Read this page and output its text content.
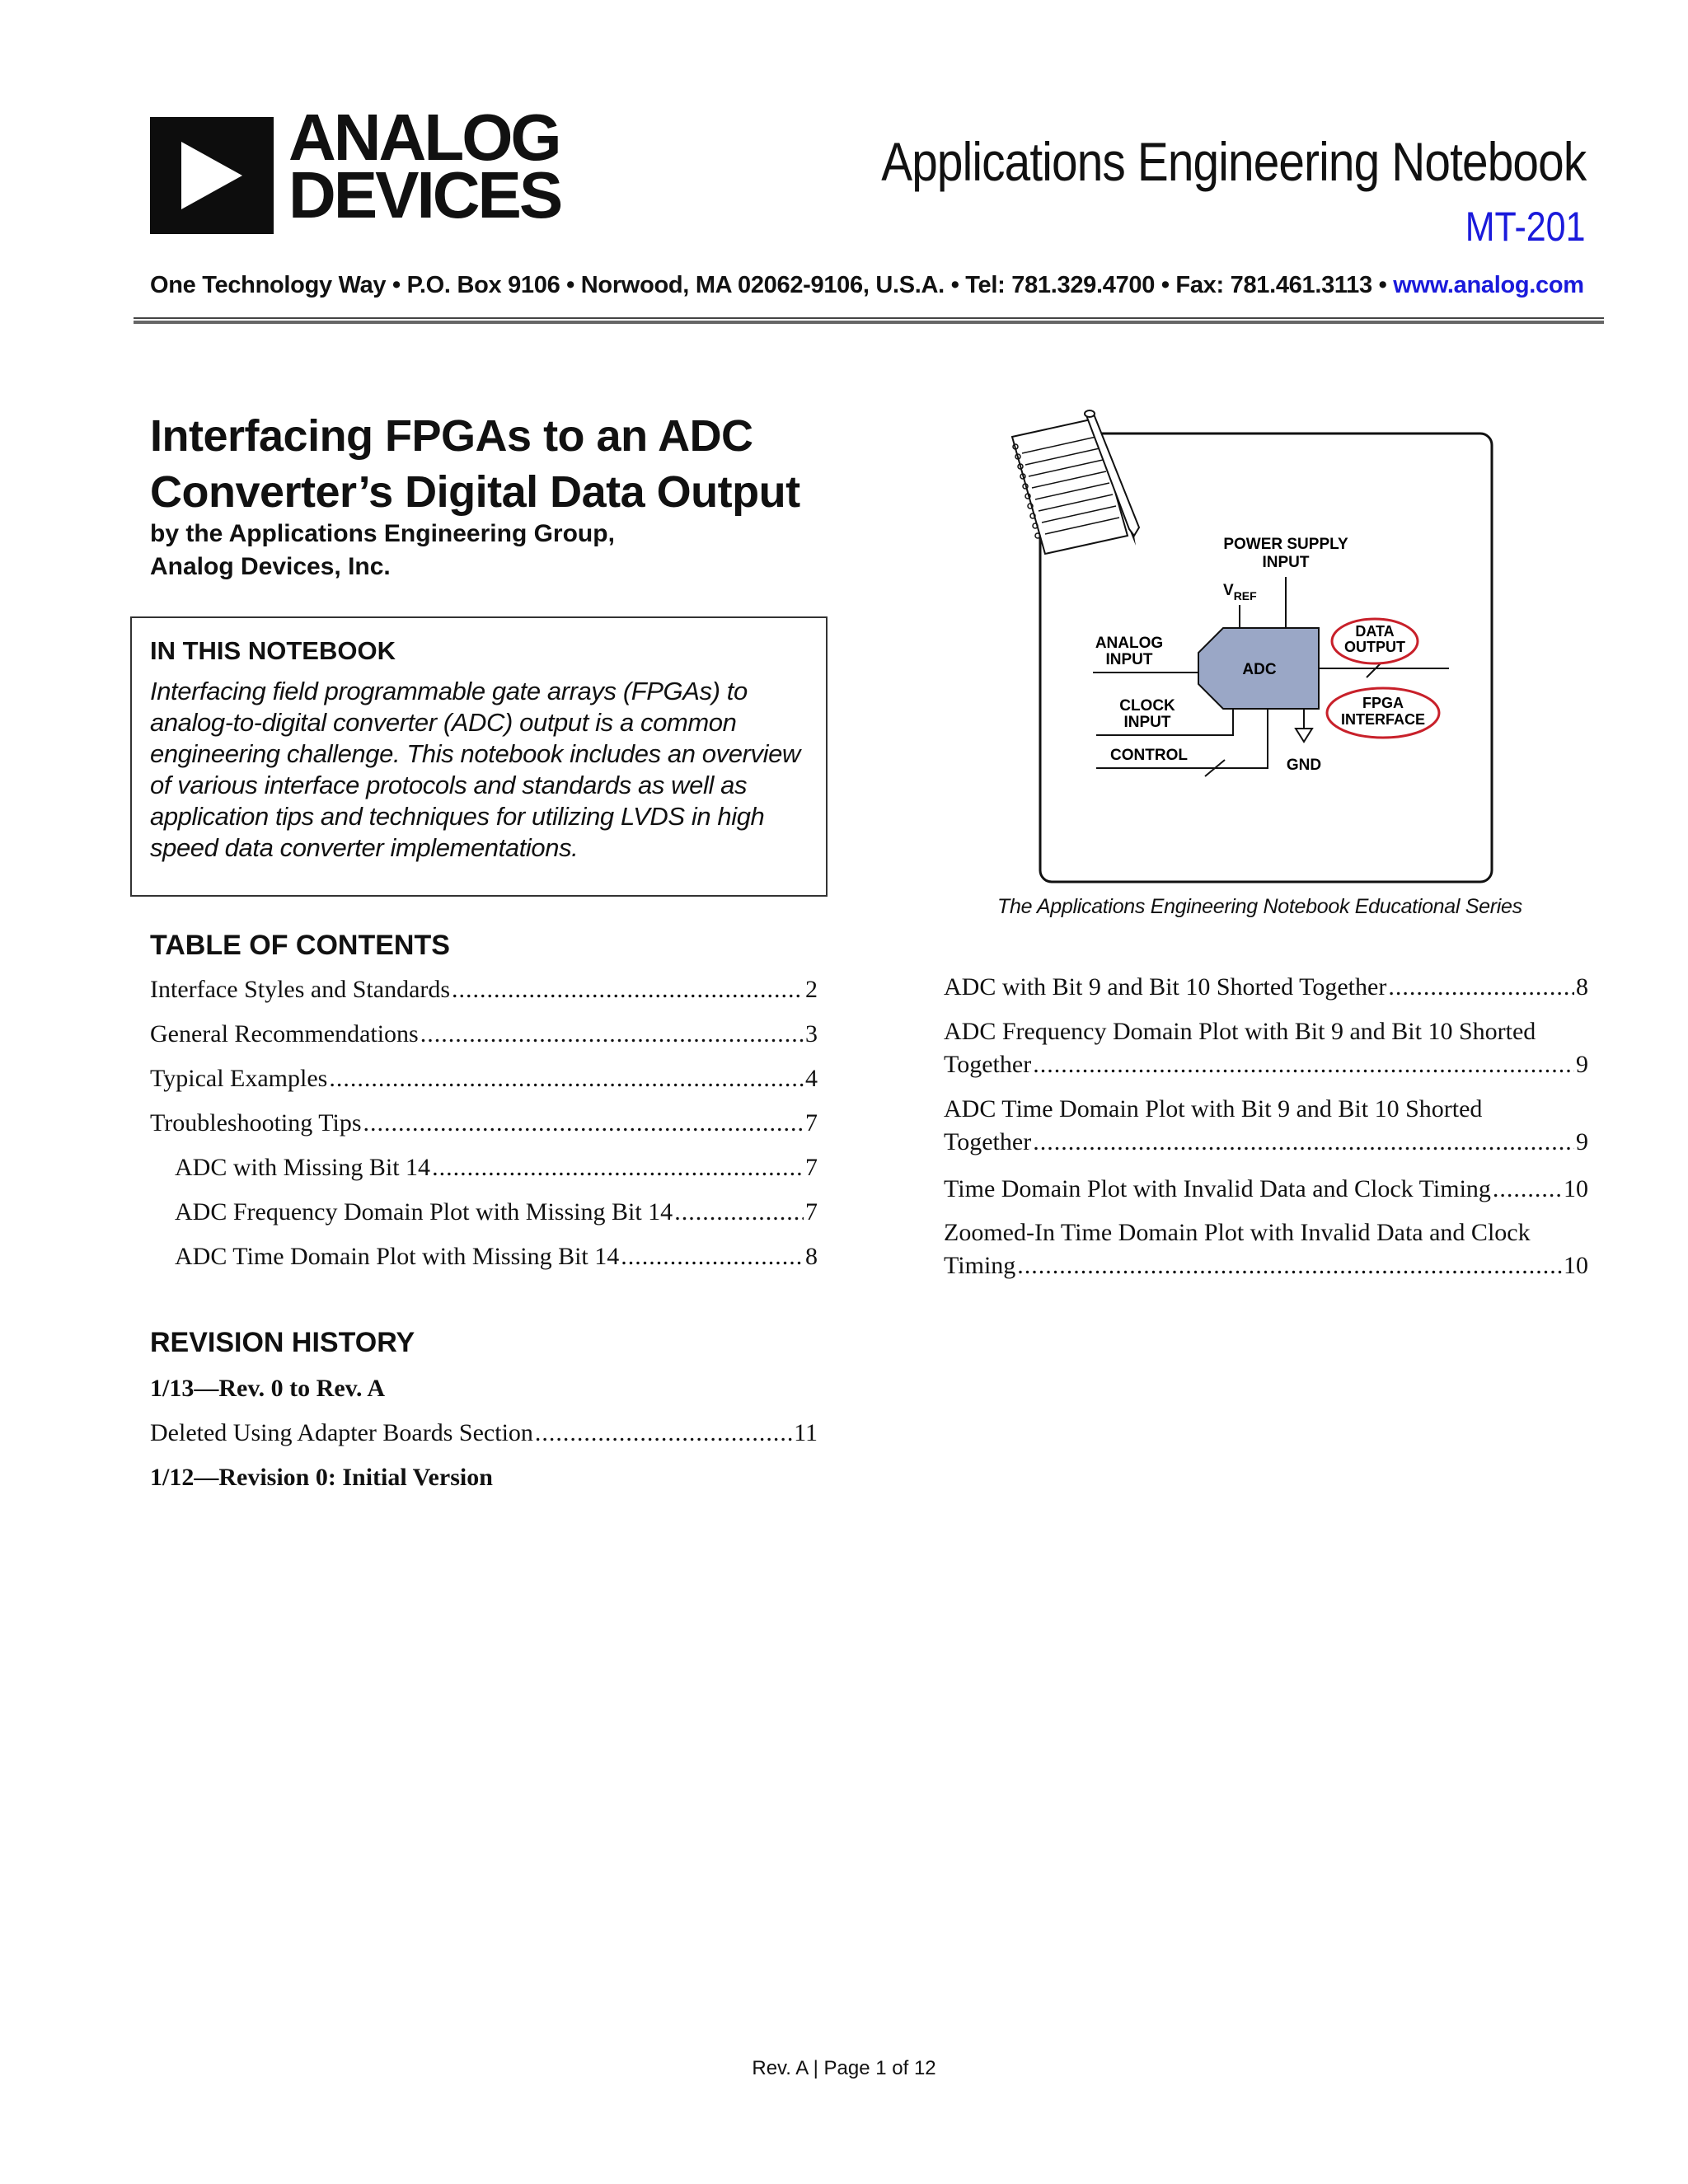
ANALOG
DEVICES	Applications Engineering Notebook
MT-201
One Technology Way • P.O. Box 9106 • Norwood, MA 02062-9106, U.S.A. • Tel: 781.329.4700 • Fax: 781.461.3113 • www.analog.com
Interfacing FPGAs to an ADC
Converter’s Digital Data Output
by the Applications Engineering Group,
Analog Devices, Inc.
IN THIS NOTEBOOK
Interfacing field programmable gate arrays (FPGAs) to
analog-to-digital converter (ADC) output is a common
engineering challenge. This notebook includes an overview
of various interface protocols and standards as well as
application tips and techniques for utilizing LVDS in high
speed data converter implementations.
POWER SUPPLY
INPUT
$V_{REF}$
ADC
ANALOG
INPUT
CLOCK
INPUT
CONTROL
GND
DATA
OUTPUT
FPGA
INTERFACE
The Applications Engineering Notebook Educational Series
TABLE OF CONTENTS
Interface Styles and Standards .....	2
General Recommendations .....	3
Typical Examples .....	4
Troubleshooting Tips .....	7
ADC with Missing Bit 14 .....	7
ADC Frequency Domain Plot with Missing Bit 14 .....	7
ADC Time Domain Plot with Missing Bit 14 .....	8
ADC with Bit 9 and Bit 10 Shorted Together .....	8
ADC Frequency Domain Plot with Bit 9 and Bit 10 Shorted
Together .....	9
ADC Time Domain Plot with Bit 9 and Bit 10 Shorted
Together .....	9
Time Domain Plot with Invalid Data and Clock Timing .....	10
Zoomed-In Time Domain Plot with Invalid Data and Clock
Timing .....	10
REVISION HISTORY
1/13—Rev. 0 to Rev. A
Deleted Using Adapter Boards Section .....	11
1/12—Revision 0: Initial Version
Rev. A | Page 1 of 12
